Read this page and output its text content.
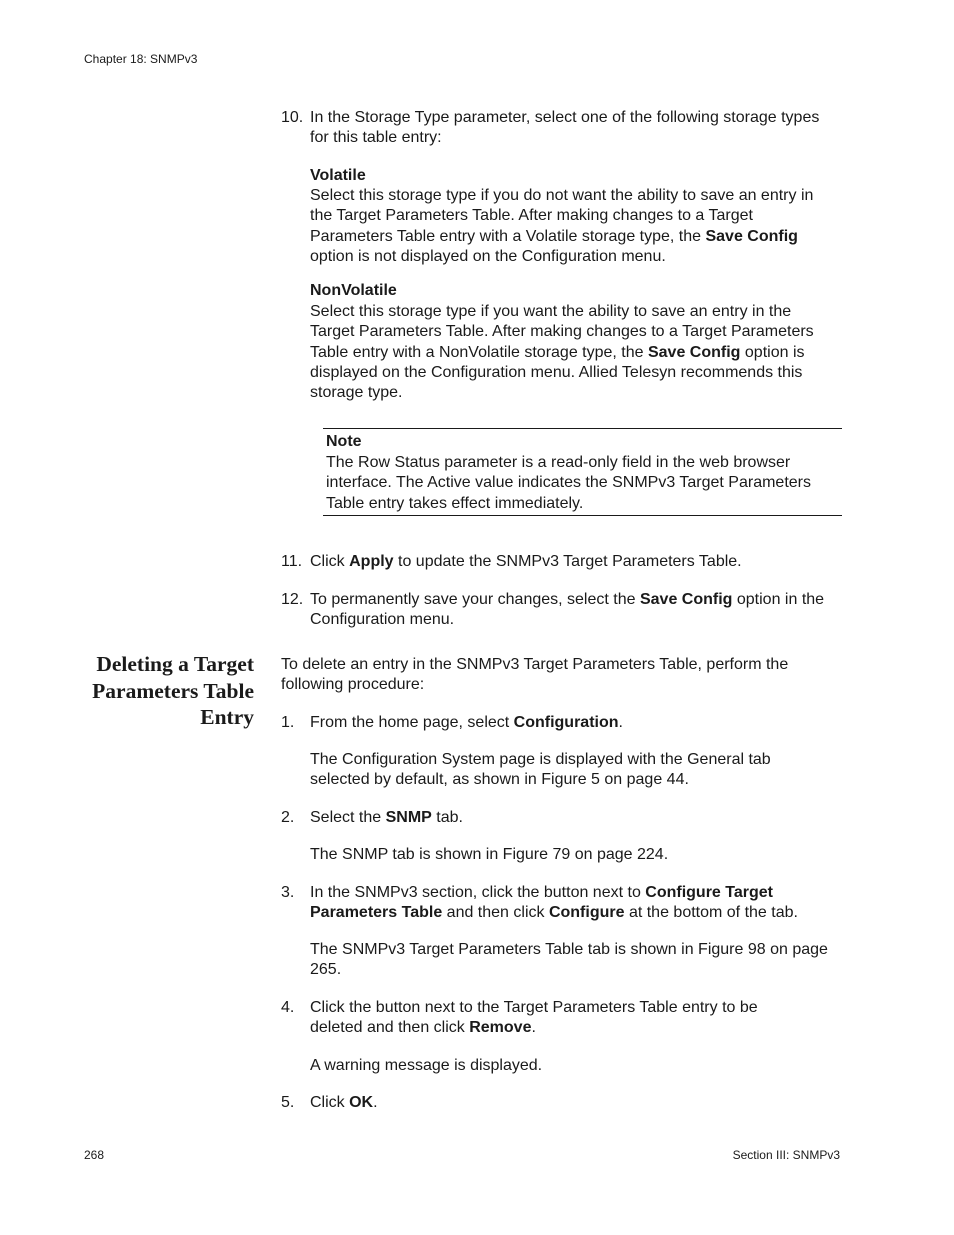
Chapter 18: SNMPv3
10. In the Storage Type parameter, select one of the following storage types for this table entry:

Volatile

Select this storage type if you do not want the ability to save an entry in the Target Parameters Table. After making changes to a Target Parameters Table entry with a Volatile storage type, the Save Config option is not displayed on the Configuration menu.

NonVolatile

Select this storage type if you want the ability to save an entry in the Target Parameters Table. After making changes to a Target Parameters Table entry with a NonVolatile storage type, the Save Config option is displayed on the Configuration menu. Allied Telesyn recommends this storage type.

Note

The Row Status parameter is a read-only field in the web browser interface. The Active value indicates the SNMPv3 Target Parameters Table entry takes effect immediately.

11. Click Apply to update the SNMPv3 Target Parameters Table.

12. To permanently save your changes, select the Save Config option in the Configuration menu.

Deleting a Target
Parameters Table
Entry

To delete an entry in the SNMPv3 Target Parameters Table, perform the following procedure:

1. From the home page, select Configuration.

The Configuration System page is displayed with the General tab selected by default, as shown in Figure 5 on page 44.

2. Select the SNMP tab.

The SNMP tab is shown in Figure 79 on page 224.

3. In the SNMPv3 section, click the button next to Configure Target Parameters Table and then click Configure at the bottom of the tab.

The SNMPv3 Target Parameters Table tab is shown in Figure 98 on page 265.

4. Click the button next to the Target Parameters Table entry to be deleted and then click Remove.

A warning message is displayed.

5. Click OK.

268	Section III: SNMPv3
